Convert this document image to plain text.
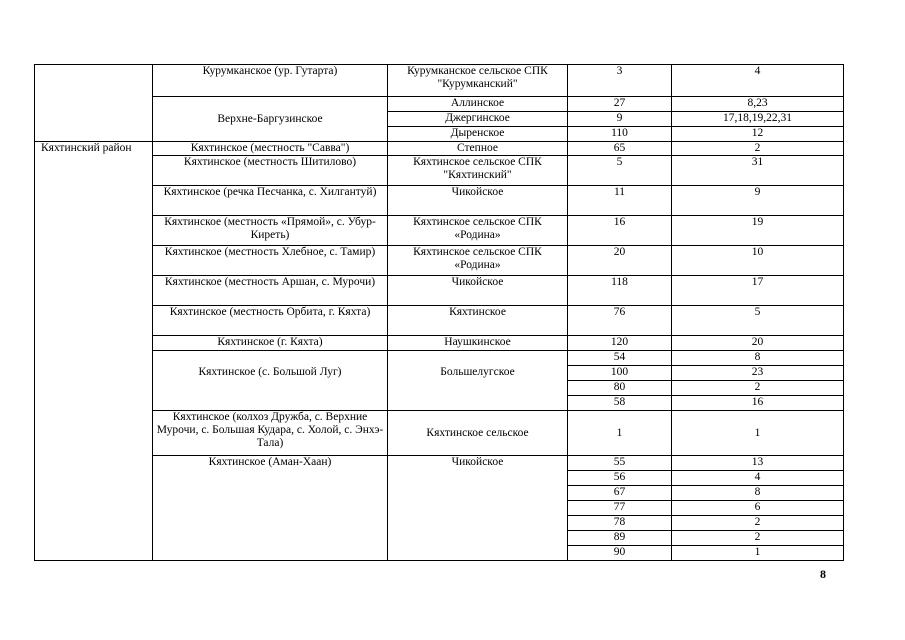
	Курумканское (ур. Гутарта)	Курумканское сельское СПК "Курумканский"	3	4
	Верхне-Баргузинское	Аллинское	27	8,23
		Джергинское	9	17,18,19,22,31
		Дыренское	110	12
Кяхтинский район	Кяхтинское (местность "Савва")	Степное	65	2
	Кяхтинское (местность Шитилово)	Кяхтинское сельское СПК "Кяхтинский"	5	31
	Кяхтинское (речка Песчанка, с. Хилгантуй)	Чикойское	11	9
	Кяхтинское (местность «Прямой», с. Убур-Киреть)	Кяхтинское сельское СПК «Родина»	16	19
	Кяхтинское (местность Хлебное, с. Тамир)	Кяхтинское сельское СПК «Родина»	20	10
	Кяхтинское (местность Аршан, с. Мурочи)	Чикойское	118	17
	Кяхтинское (местность Орбита, г. Кяхта)	Кяхтинское	76	5
	Кяхтинское (г. Кяхта)	Наушкинское	120	20
	Кяхтинское (с. Большой Луг)	Большелугское	54	8
			100	23
			80	2
			58	16
	Кяхтинское (колхоз Дружба, с. Верхние Мурочи, с. Большая Кудара, с. Холой, с. Энхэ-Тала)	Кяхтинское сельское	1	1
	Кяхтинское (Аман-Хаан)	Чикойское	55	13
			56	4
			67	8
			77	6
			78	2
			89	2
			90	1
8
